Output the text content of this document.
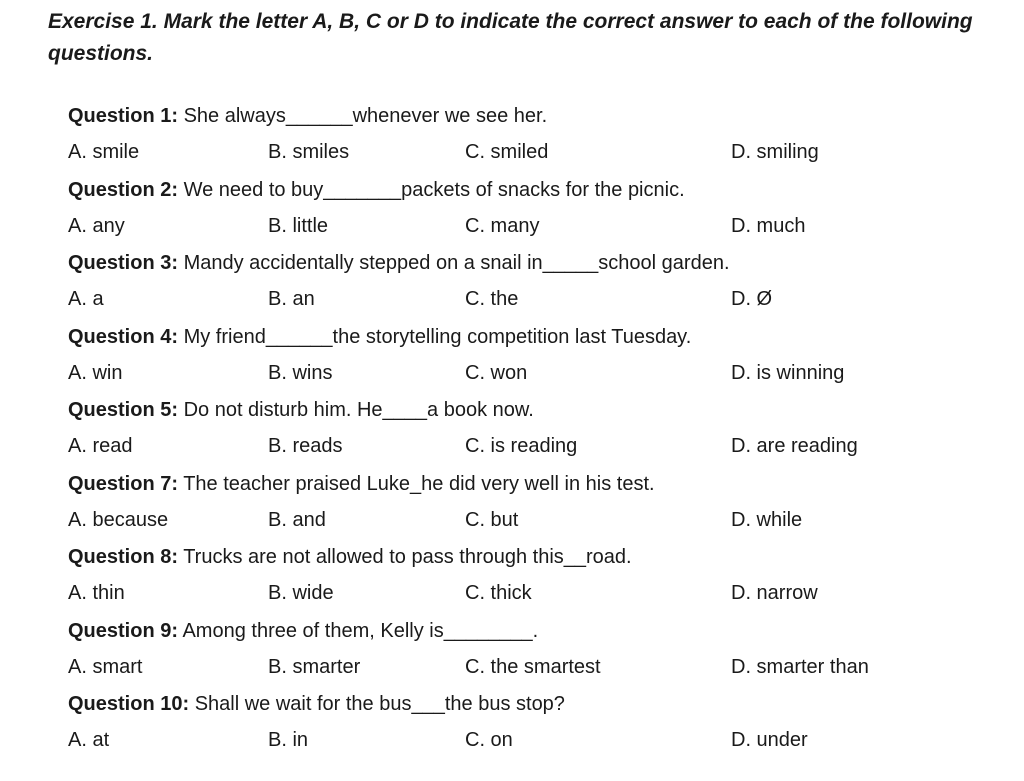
Exercise 1. Mark the letter A, B, C or D to indicate the correct answer to each of the following questions.
Question 1: She always______whenever we see her.
A. smile	B. smiles	C. smiled	D. smiling
Question 2: We need to buy_______packets of snacks for the picnic.
A. any	B. little	C. many	D. much
Question 3: Mandy accidentally stepped on a snail in_____school garden.
A. a	B. an	C. the	D. Ø
Question 4: My friend______the storytelling competition last Tuesday.
A. win	B. wins	C. won	D. is winning
Question 5: Do not disturb him. He____a book now.
A. read	B. reads	C. is reading	D. are reading
Question 7: The teacher praised Luke_he did very well in his test.
A. because	B. and	C. but	D. while
Question 8: Trucks are not allowed to pass through this__road.
A. thin	B. wide	C. thick	D. narrow
Question 9: Among three of them, Kelly is________.
A. smart	B. smarter	C. the smartest	D. smarter than
Question 10: Shall we wait for the bus___the bus stop?
A. at	B. in	C. on	D. under
